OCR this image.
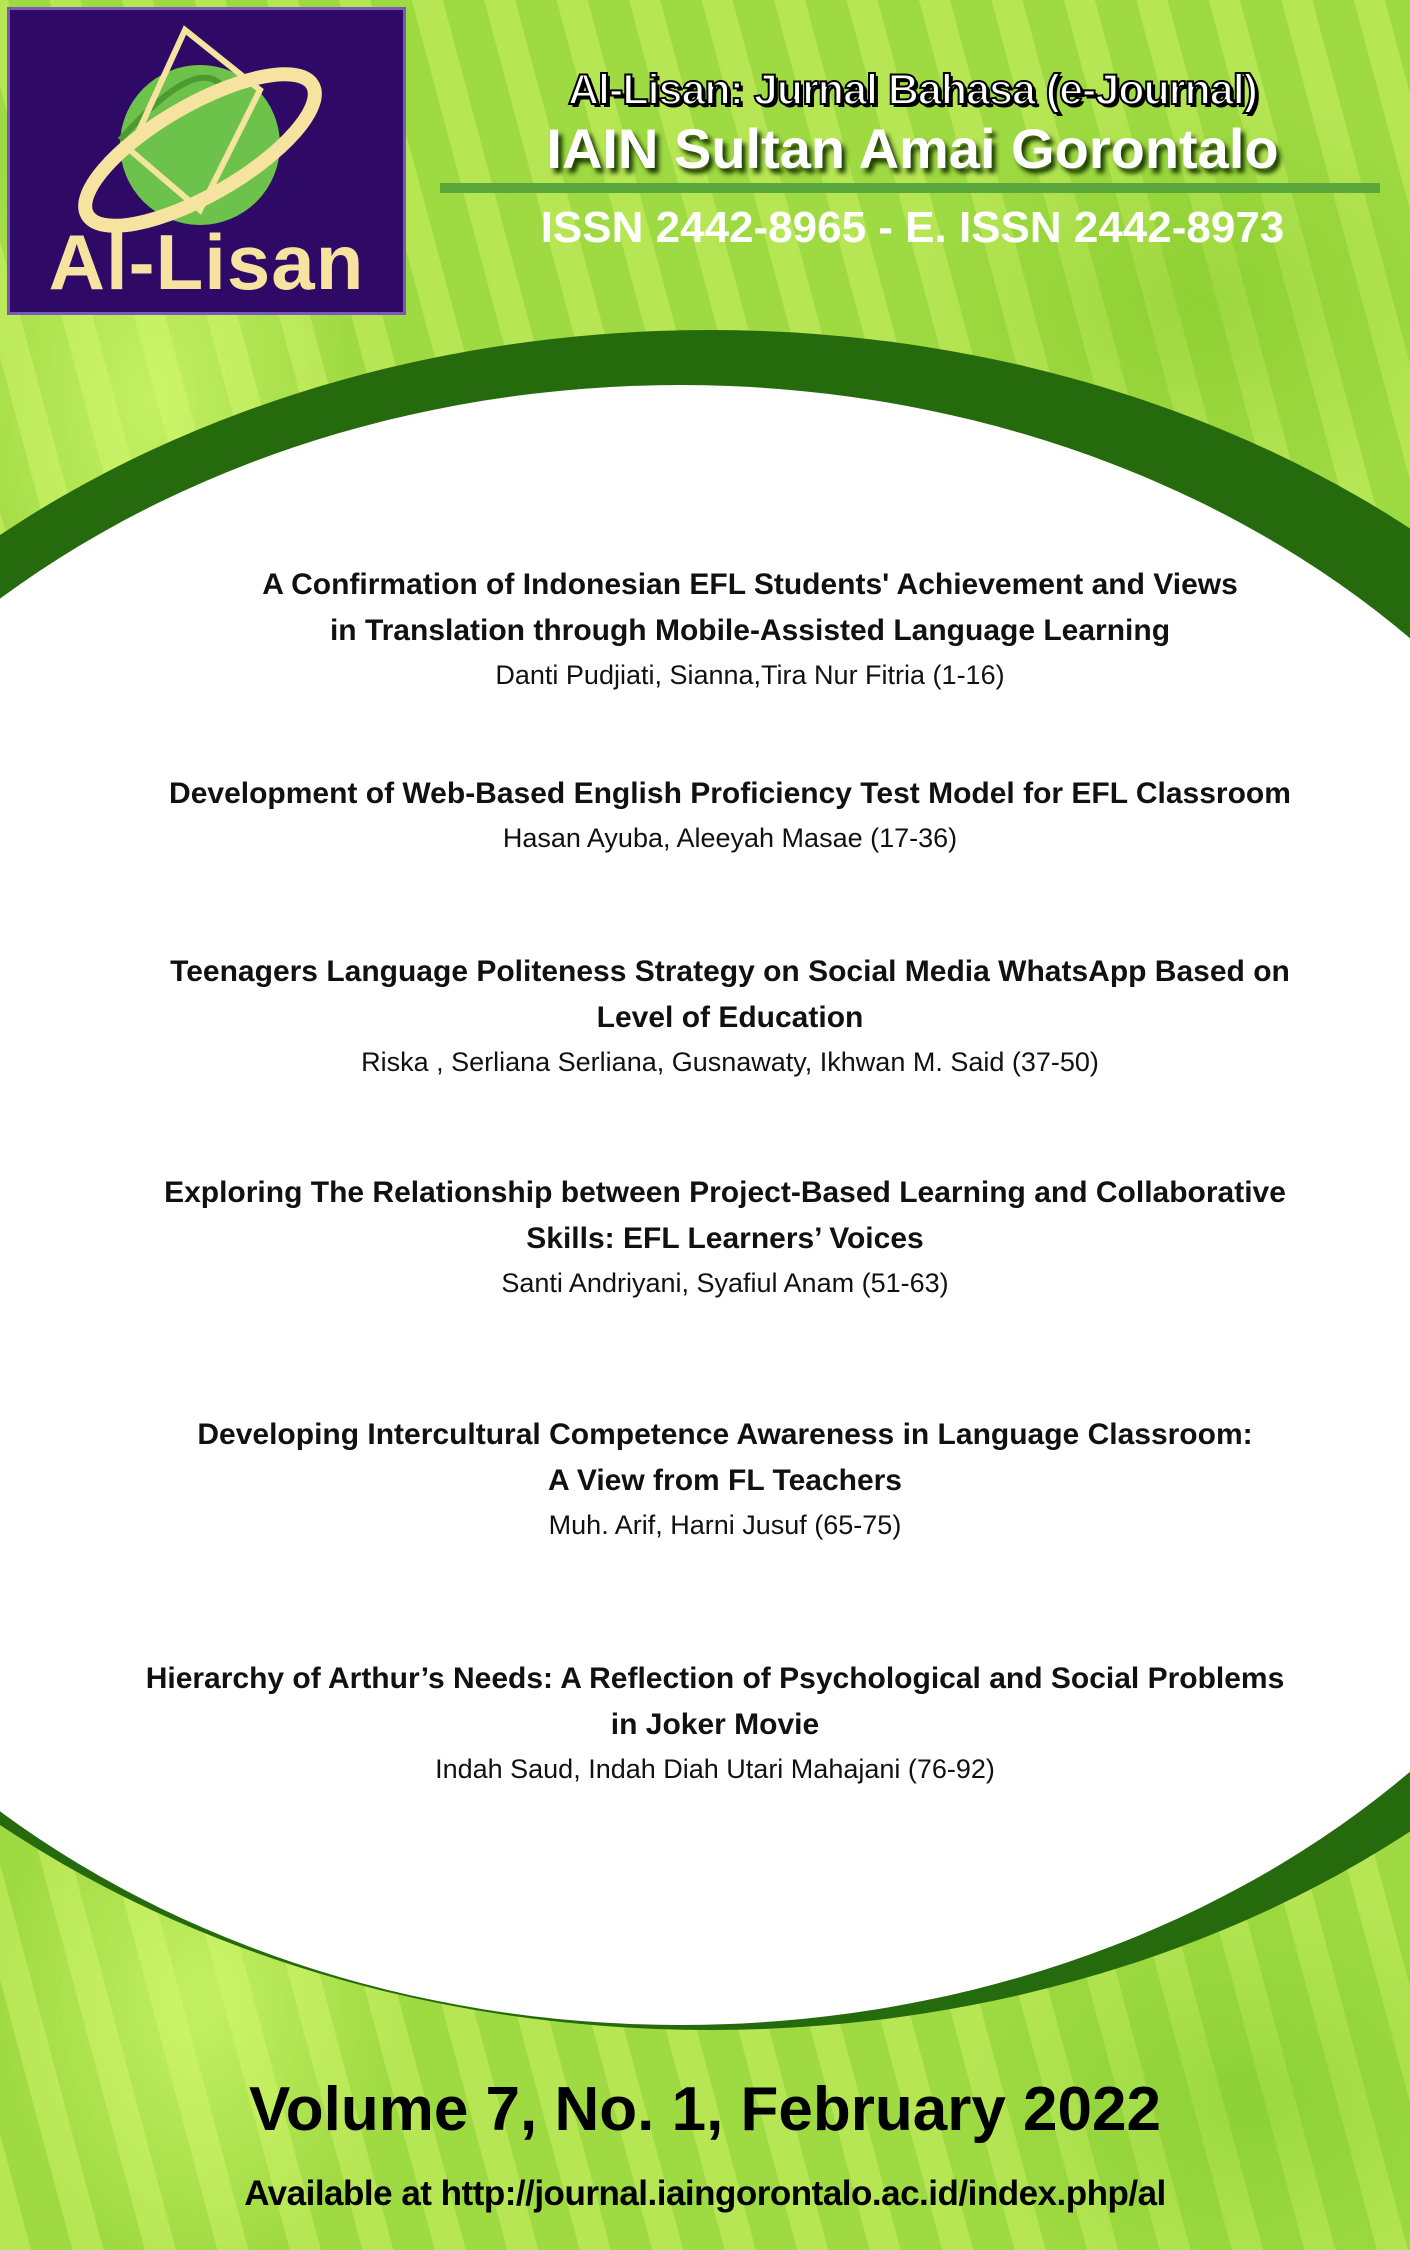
Al-Lisan
Al-Lisan: Jurnal Bahasa (e-Journal)
IAIN Sultan Amai Gorontalo
ISSN 2442-8965 - E. ISSN 2442-8973
A Confirmation of Indonesian EFL Students' Achievement and Views
in Translation through Mobile-Assisted Language Learning
Danti Pudjiati, Sianna,Tira Nur Fitria (1-16)
Development of Web-Based English Proficiency Test Model for EFL Classroom
Hasan Ayuba, Aleeyah Masae (17-36)
Teenagers Language Politeness Strategy on Social Media WhatsApp Based on
Level of Education
Riska , Serliana Serliana, Gusnawaty, Ikhwan M. Said (37-50)
Exploring The Relationship between Project-Based Learning and Collaborative
Skills: EFL Learners’ Voices
Santi Andriyani, Syafiul Anam (51-63)
Developing Intercultural Competence Awareness in Language Classroom:
A View from FL Teachers
Muh. Arif, Harni Jusuf (65-75)
Hierarchy of Arthur’s Needs: A Reflection of Psychological and Social Problems
in Joker Movie
Indah Saud, Indah Diah Utari Mahajani (76-92)
Volume 7, No. 1, February 2022
Available at http://journal.iaingorontalo.ac.id/index.php/al
